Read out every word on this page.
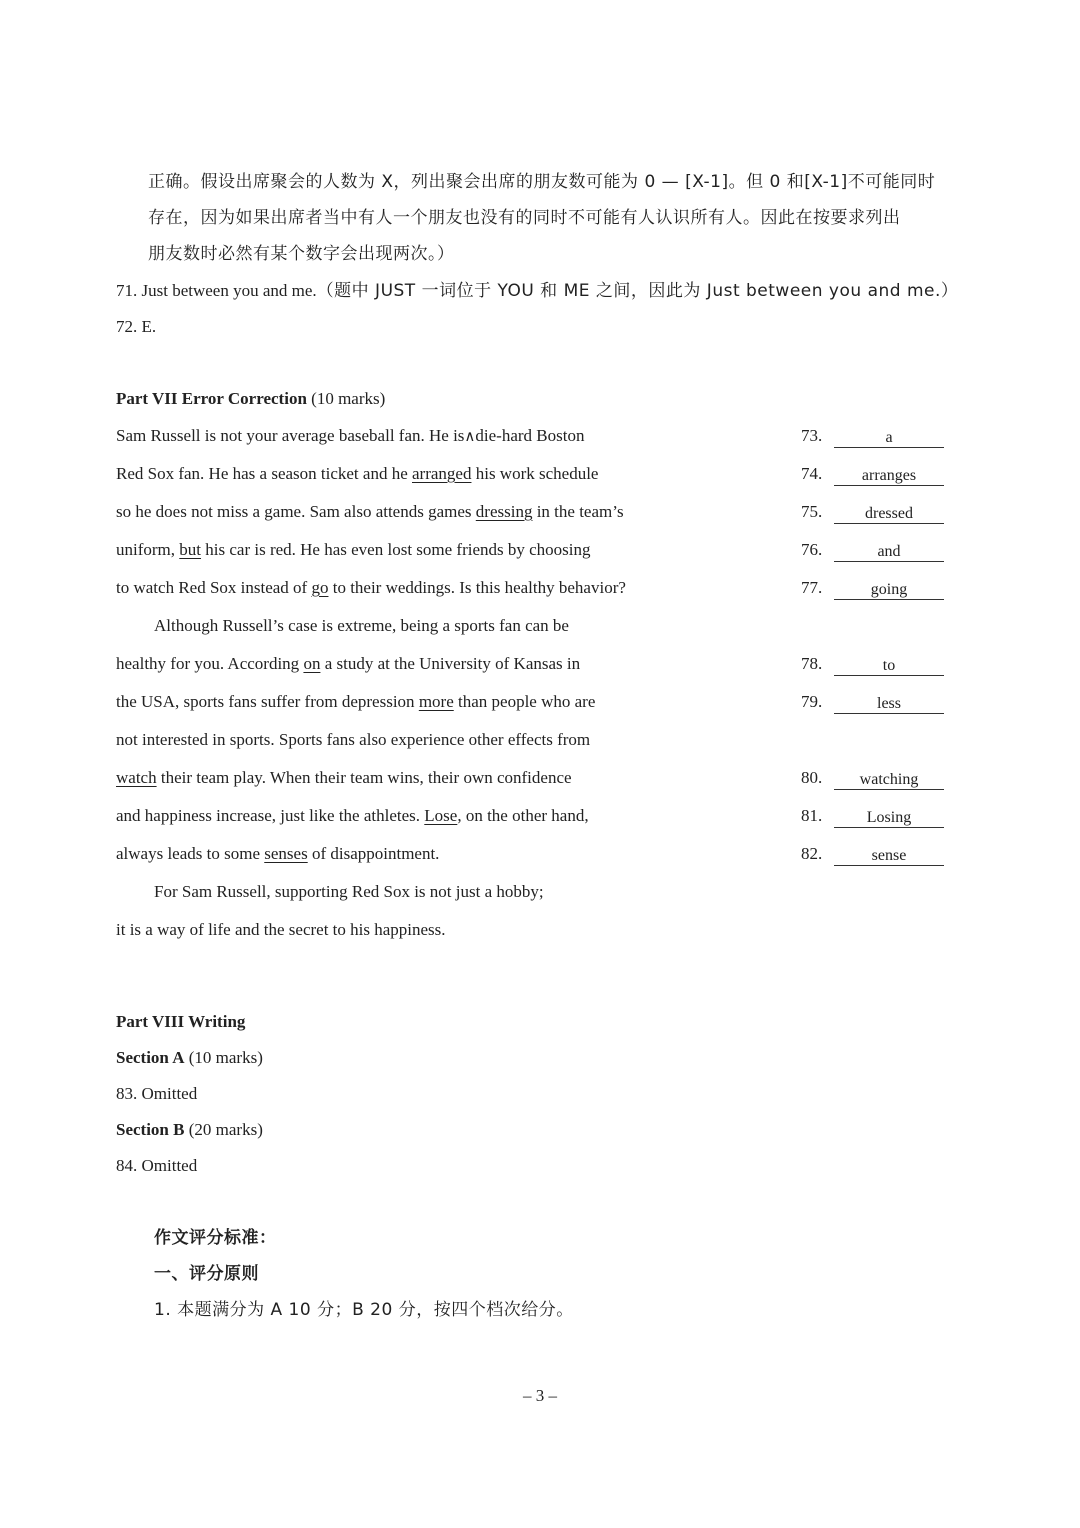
正确。假设出席聚会的人数为 X，列出聚会出席的朋友数可能为 0 — [X-1]。但 0 和[X-1]不可能同时
存在，因为如果出席者当中有人一个朋友也没有的同时不可能有人认识所有人。因此在按要求列出
朋友数时必然有某个数字会出现两次。）
71. Just between you and me.（题中 JUST 一词位于 YOU 和 ME 之间，因此为 Just between you and me.）
72. E.
Part VII Error Correction (10 marks)
Sam Russell is not your average baseball fan. He is∧die-hard Boston
Red Sox fan. He has a season ticket and he arranged his work schedule
so he does not miss a game. Sam also attends games dressing in the team’s
uniform, but his car is red. He has even lost some friends by choosing
to watch Red Sox instead of go to their weddings. Is this healthy behavior?
Although Russell’s case is extreme, being a sports fan can be
healthy for you. According on a study at the University of Kansas in
the USA, sports fans suffer from depression more than people who are
not interested in sports. Sports fans also experience other effects from
watch their team play. When their team wins, their own confidence
and happiness increase, just like the athletes. Lose, on the other hand,
always leads to some senses of disappointment.
For Sam Russell, supporting Red Sox is not just a hobby;
it is a way of life and the secret to his happiness.
73.	a
74.	arranges
75.	dressed
76.	and
77.	going
78.	to
79.	less
80.	watching
81.	Losing
82.	sense
Part VIII Writing
Section A (10 marks)
83. Omitted
Section B (20 marks)
84. Omitted
作文评分标准：
一、评分原则
1. 本题满分为 A 10 分；B 20 分，按四个档次给分。
– 3 –
